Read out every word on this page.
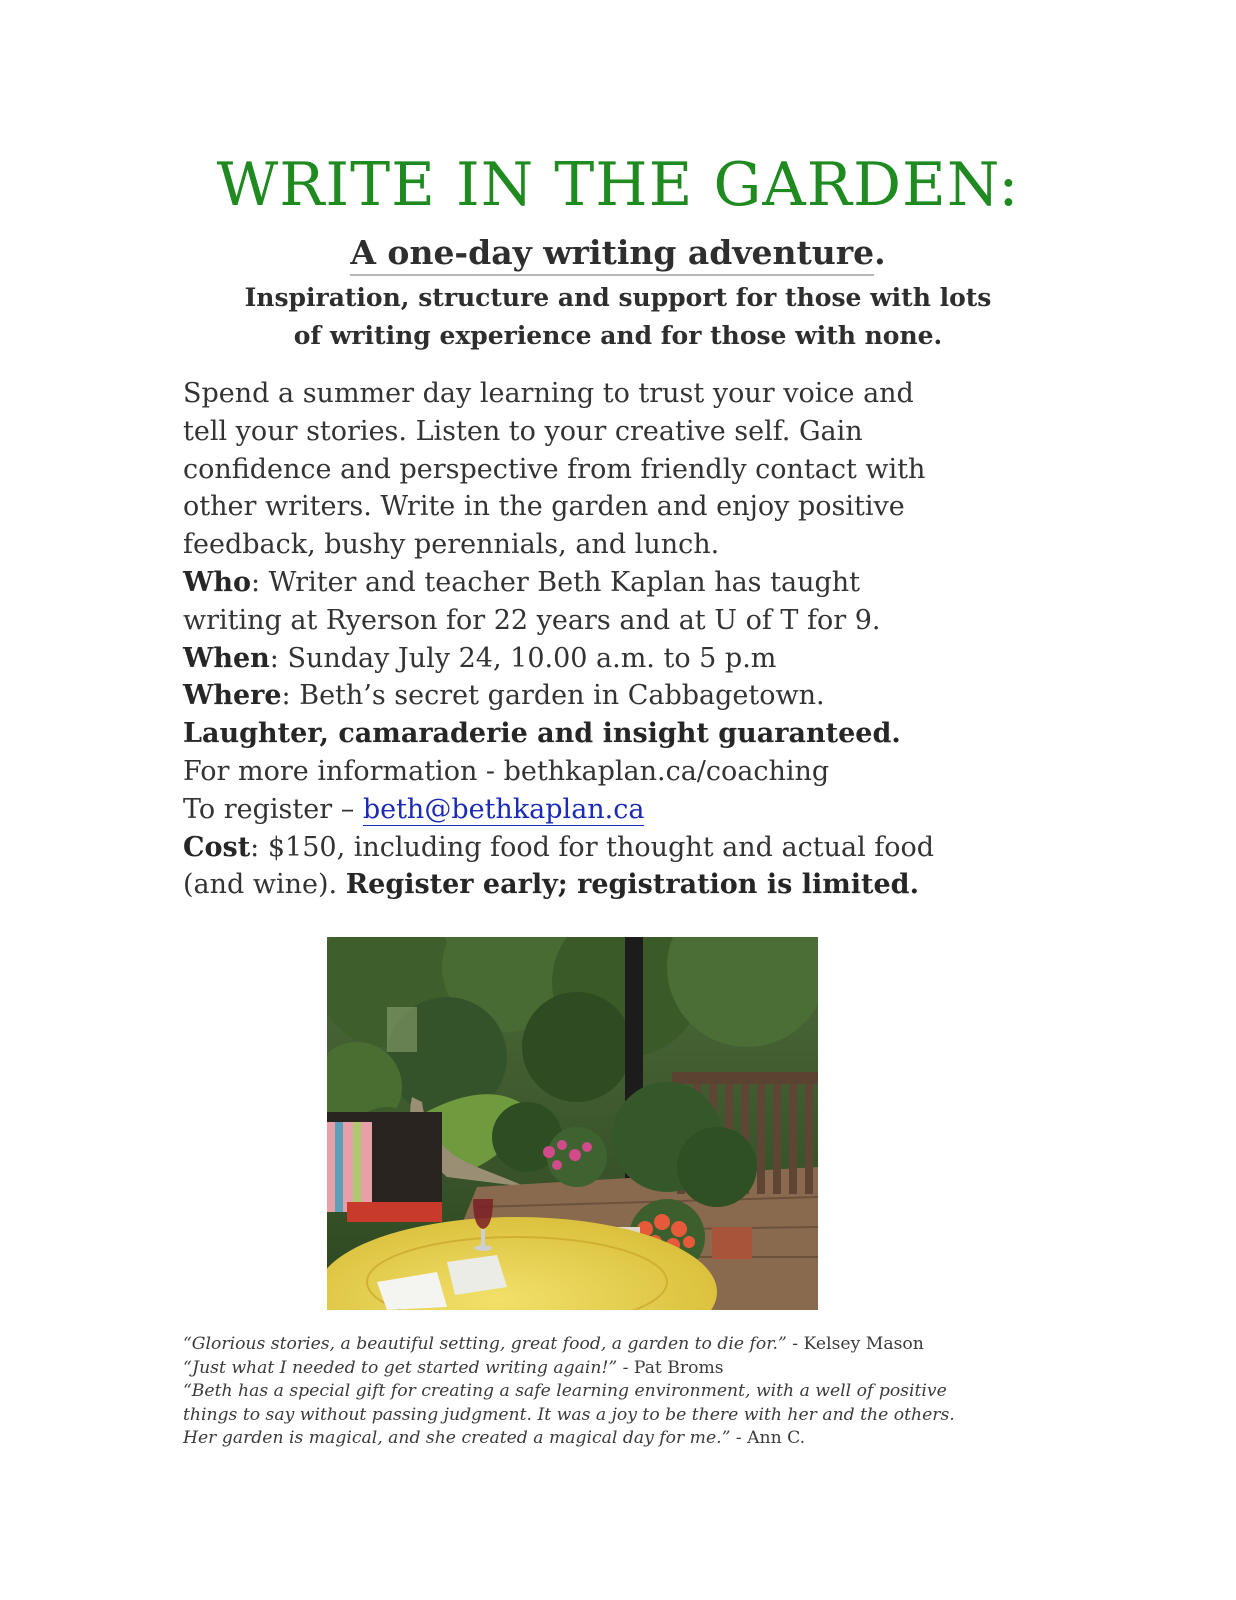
WRITE IN THE GARDEN:
A one-day writing adventure.
Inspiration, structure and support for those with lots
of writing experience and for those with none.

Spend a summer day learning to trust your voice and

tell your stories. Listen to your creative self. Gain

confidence and perspective from friendly contact with

other writers. Write in the garden and enjoy positive

feedback, bushy perennials, and lunch.

Who: Writer and teacher Beth Kaplan has taught

writing at Ryerson for 22 years and at U of T for 9.

When: Sunday July 24, 10.00 a.m. to 5 p.m

Where: Beth’s secret garden in Cabbagetown.

Laughter, camaraderie and insight guaranteed.

For more information - bethkaplan.ca/coaching

To register – beth@bethkaplan.ca

Cost: $150, including food for thought and actual food

(and wine). Register early; registration is limited.

“Glorious stories, a beautiful setting, great food, a garden to die for.” - Kelsey Mason
“Just what I needed to get started writing again!” - Pat Broms
“Beth has a special gift for creating a safe learning environment, with a well of positive
things to say without passing judgment. It was a joy to be there with her and the others.
Her garden is magical, and she created a magical day for me.” - Ann C.
